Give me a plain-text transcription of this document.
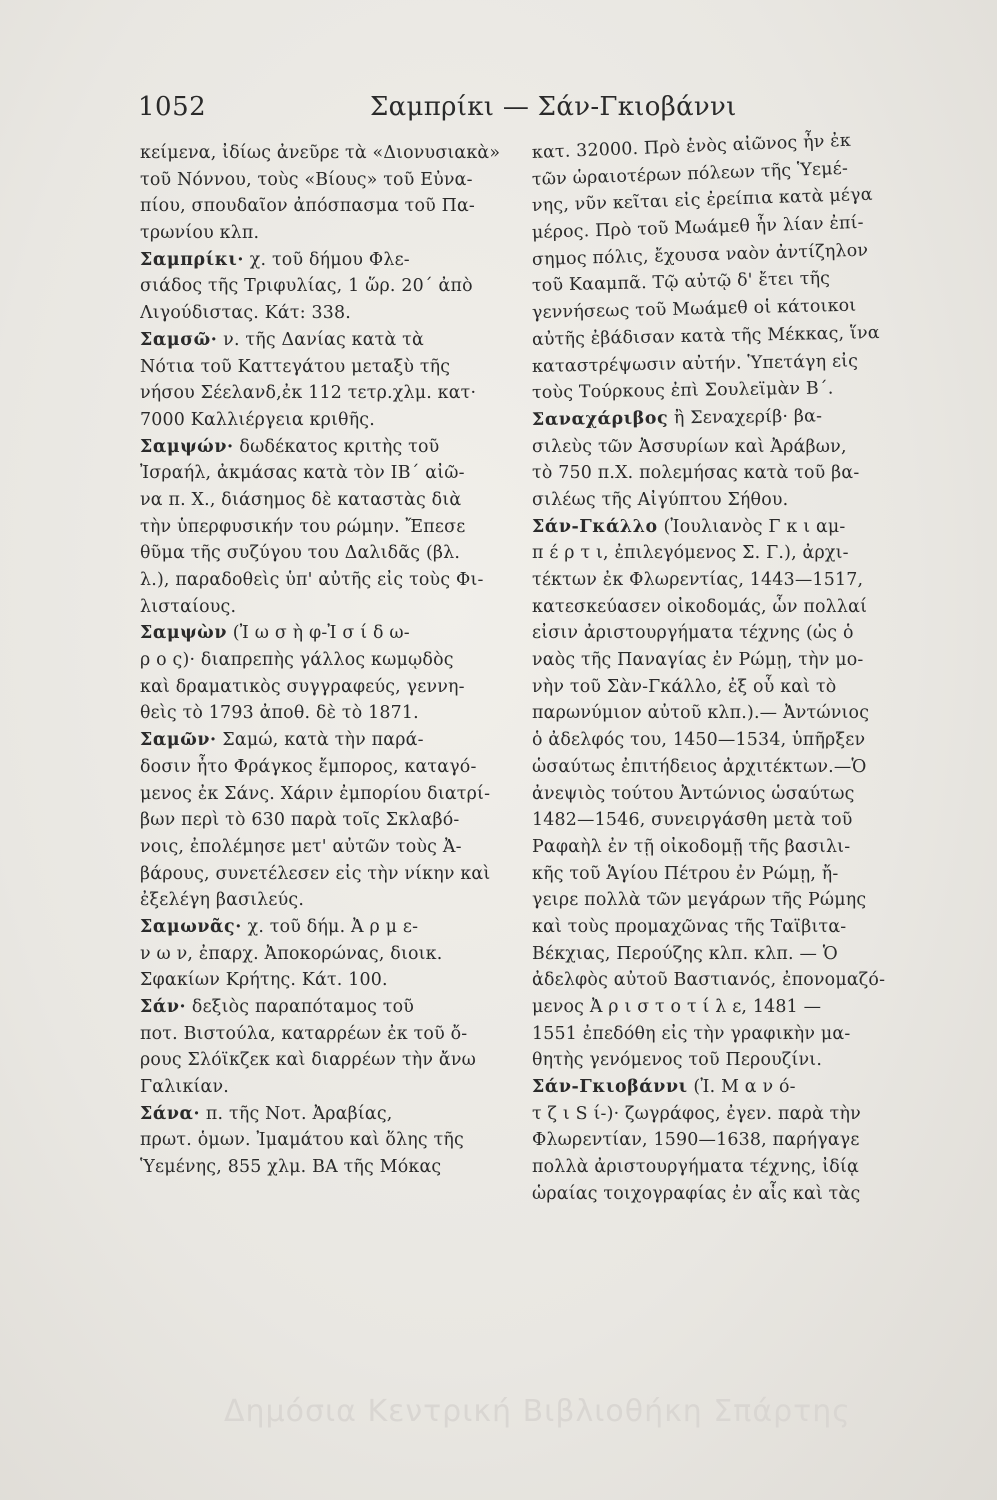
1052	Σαμπρίκι — Σάν-Γκιοβάννι
κείμενα, ἰδίως ἀνεῦρε τὰ «Διονυσιακὰ»
τοῦ Νόννου, τοὺς «Βίους» τοῦ Εὐνα-
πίου, σπουδαῖον ἀπόσπασμα τοῦ Πα-
τρωνίου κλπ.
Σαμπρίκι· χ. τοῦ δήμου Φλε-
σιάδος τῆς Τριφυλίας, 1 ὥρ. 20΄ ἀπὸ
Λιγούδιστας. Κάτ: 338.
Σαμσῶ· ν. τῆς Δανίας κατὰ τὰ
Νότια τοῦ Καττεγάτου μεταξὺ τῆς
νήσου Σέελανδ,ἐκ 112 τετρ.χλμ. κατ·
7000 Καλλιέργεια κριθῆς.
Σαμψών· δωδέκατος κριτὴς τοῦ
Ἰσραήλ, ἀκμάσας κατὰ τὸν ΙΒ΄ αἰῶ-
να π. Χ., διάσημος δὲ καταστὰς διὰ
τὴν ὑπερφυσικήν του ρώμην. Ἔπεσε
θῦμα τῆς συζύγου του Δαλιδᾶς (βλ.
λ.), παραδοθεὶς ὑπ' αὐτῆς εἰς τοὺς Φι-
λισταίους.
Σαμψὼν (Ἰ ω σ ὴ φ-Ἰ σ ί δ ω-
ρ ο ς)· διαπρεπὴς γάλλος κωμῳδὸς
καὶ δραματικὸς συγγραφεύς, γεννη-
θεὶς τὸ 1793 ἀποθ. δὲ τὸ 1871.
Σαμῶν· Σαμώ, κατὰ τὴν παρά-
δοσιν ἦτο Φράγκος ἔμπορος, καταγό-
μενος ἐκ Σάνς. Χάριν ἐμπορίου διατρί-
βων περὶ τὸ 630 παρὰ τοῖς Σκλαβό-
νοις, ἐπολέμησε μετ' αὐτῶν τοὺς Ἀ-
βάρους, συνετέλεσεν εἰς τὴν νίκην καὶ
ἐξελέγη βασιλεύς.
Σαμωνᾶς· χ. τοῦ δήμ. Ἀ ρ μ ε-
ν ω ν, ἐπαρχ. Ἀποκορώνας, διοικ.
Σφακίων Κρήτης. Κάτ. 100.
Σάν· δεξιὸς παραπόταμος τοῦ
ποτ. Βιστούλα, καταρρέων ἐκ τοῦ ὄ-
ρους Σλόϊκζεκ καὶ διαρρέων τὴν ἄνω
Γαλικίαν.
Σάνα· π. τῆς Νοτ. Ἀραβίας,
πρωτ. ὁμων. Ἰμαμάτου καὶ ὅλης τῆς
Ὑεμένης, 855 χλμ. ΒΑ τῆς Μόκας
κατ. 32000. Πρὸ ἑνὸς αἰῶνος ἦν ἐκ
τῶν ὡραιοτέρων πόλεων τῆς Ὑεμέ-
νης, νῦν κεῖται εἰς ἐρείπια κατὰ μέγα
μέρος. Πρὸ τοῦ Μωάμεθ ἦν λίαν ἐπί-
σημος πόλις, ἔχουσα ναὸν ἀντίζηλον
τοῦ Κααμπᾶ. Τῷ αὐτῷ δ' ἔτει τῆς
γεννήσεως τοῦ Μωάμεθ οἱ κάτοικοι
αὐτῆς ἐβάδισαν κατὰ τῆς Μέκκας, ἵνα
καταστρέψωσιν αὐτήν. Ὑπετάγη εἰς
τοὺς Τούρκους ἐπὶ Σουλεϊμὰν Β΄.
Σαναχάριβος ἢ Σεναχερίβ· βα-
σιλεὺς τῶν Ἀσσυρίων καὶ Ἀράβων,
τὸ 750 π.Χ. πολεμήσας κατὰ τοῦ βα-
σιλέως τῆς Αἰγύπτου Σήθου.
Σάν-Γκάλλο (Ἰουλιανὸς Γ κ ι αμ-
π έ ρ τ ι, ἐπιλεγόμενος Σ. Γ.), ἀρχι-
τέκτων ἐκ Φλωρεντίας, 1443—1517,
κατεσκεύασεν οἰκοδομάς, ὧν πολλαί
εἰσιν ἀριστουργήματα τέχνης (ὡς ὁ
ναὸς τῆς Παναγίας ἐν Ρώμῃ, τὴν μο-
νὴν τοῦ Σὰν-Γκάλλο, ἐξ οὗ καὶ τὸ
παρωνύμιον αὐτοῦ κλπ.).— Ἀντώνιος
ὁ ἀδελφός του, 1450—1534, ὑπῆρξεν
ὡσαύτως ἐπιτήδειος ἀρχιτέκτων.—Ὁ
ἀνεψιὸς τούτου Ἀντώνιος ὡσαύτως
1482—1546, συνειργάσθη μετὰ τοῦ
Ραφαὴλ ἐν τῇ οἰκοδομῇ τῆς βασιλι-
κῆς τοῦ Ἁγίου Πέτρου ἐν Ρώμῃ, ἤ-
γειρε πολλὰ τῶν μεγάρων τῆς Ρώμης
καὶ τοὺς προμαχῶνας τῆς Ταϊβιτα-
Βέκχιας, Περούζης κλπ. κλπ. — Ὁ
ἀδελφὸς αὐτοῦ Βαστιανός, ἐπονομαζό-
μενος Ἀ ρ ι σ τ ο τ ί λ ε, 1481 —
1551 ἐπεδόθη εἰς τὴν γραφικὴν μα-
θητὴς γενόμενος τοῦ Περουζίνι.
Σάν-Γκιοβάννι (Ἰ. Μ α ν ό-
τ ζ ι S ί-)· ζωγράφος, ἐγεν. παρὰ τὴν
Φλωρεντίαν, 1590—1638, παρήγαγε
πολλὰ ἀριστουργήματα τέχνης, ἰδίᾳ
ὡραίας τοιχογραφίας ἐν αἷς καὶ τὰς
Δημόσια Κεντρική Βιβλιοθήκη Σπάρτης
